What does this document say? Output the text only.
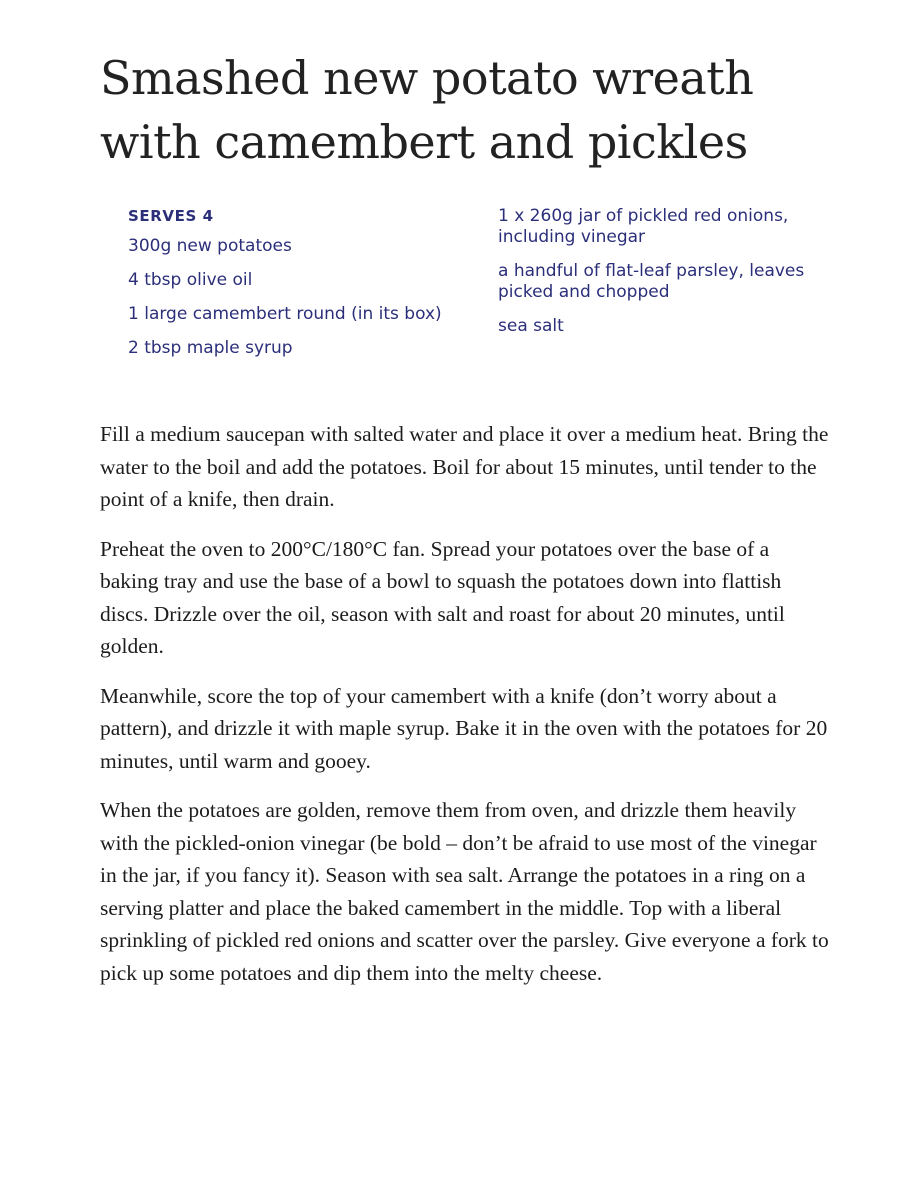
Smashed new potato wreath
with camembert and pickles
SERVES 4
300g new potatoes
4 tbsp olive oil
1 large camembert round (in its box)
2 tbsp maple syrup
1 x 260g jar of pickled red onions, including vinegar
a handful of flat-leaf parsley, leaves picked and chopped
sea salt

Fill a medium saucepan with salted water and place it over a medium heat. Bring the water to the boil and add the potatoes. Boil for about 15 minutes, until tender to the point of a knife, then drain.

Preheat the oven to 200°C/180°C fan. Spread your potatoes over the base of a baking tray and use the base of a bowl to squash the potatoes down into flattish discs. Drizzle over the oil, season with salt and roast for about 20 minutes, until golden.

Meanwhile, score the top of your camembert with a knife (don’t worry about a pattern), and drizzle it with maple syrup. Bake it in the oven with the potatoes for 20 minutes, until warm and gooey.

When the potatoes are golden, remove them from oven, and drizzle them heavily with the pickled-onion vinegar (be bold – don’t be afraid to use most of the vinegar in the jar, if you fancy it). Season with sea salt. Arrange the potatoes in a ring on a serving platter and place the baked camembert in the middle. Top with a liberal sprinkling of pickled red onions and scatter over the parsley. Give everyone a fork to pick up some potatoes and dip them into the melty cheese.
